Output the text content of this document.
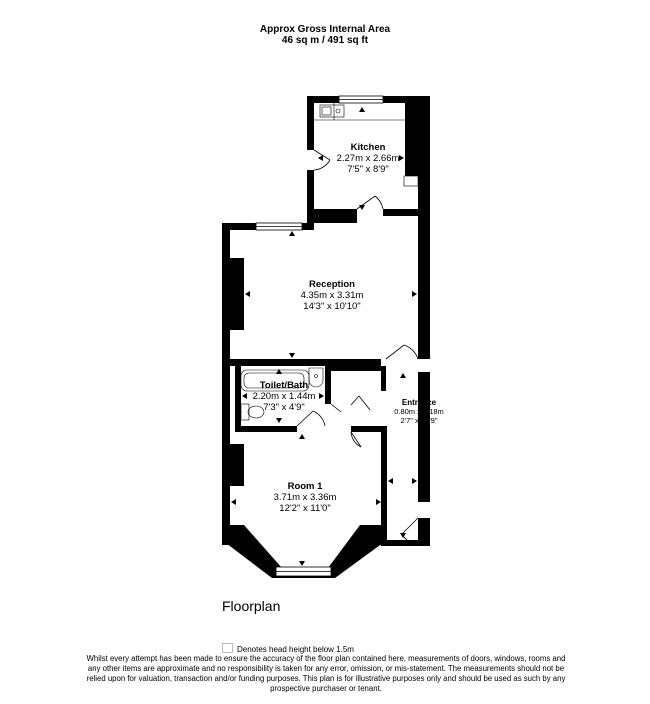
Approx Gross Internal Area
46 sq m / 491 sq ft
Kitchen
2.27m x 2.66m
7'5" x 8'9"
Reception
4.35m x 3.31m
14'3" x 10'10"
Toilet/Bath
2.20m x 1.44m
7'3" x 4'9"	Entrance
0.80m x 4.18m
2'7" x 13'9"
Room 1
3.71m x 3.36m
12'2" x 11'0"
Floorplan
Denotes head height below 1.5m
Whilst every attempt has been made to ensure the accuracy of the floor plan contained here, measurements of doors, windows, rooms and any other items are approximate and no responsibility is taken for any error, omission, or mis-statement. The measurements should not be relied upon for valuation, transaction and/or funding purposes. This plan is for illustrative purposes only and should be used as such by any prospective purchaser or tenant.
